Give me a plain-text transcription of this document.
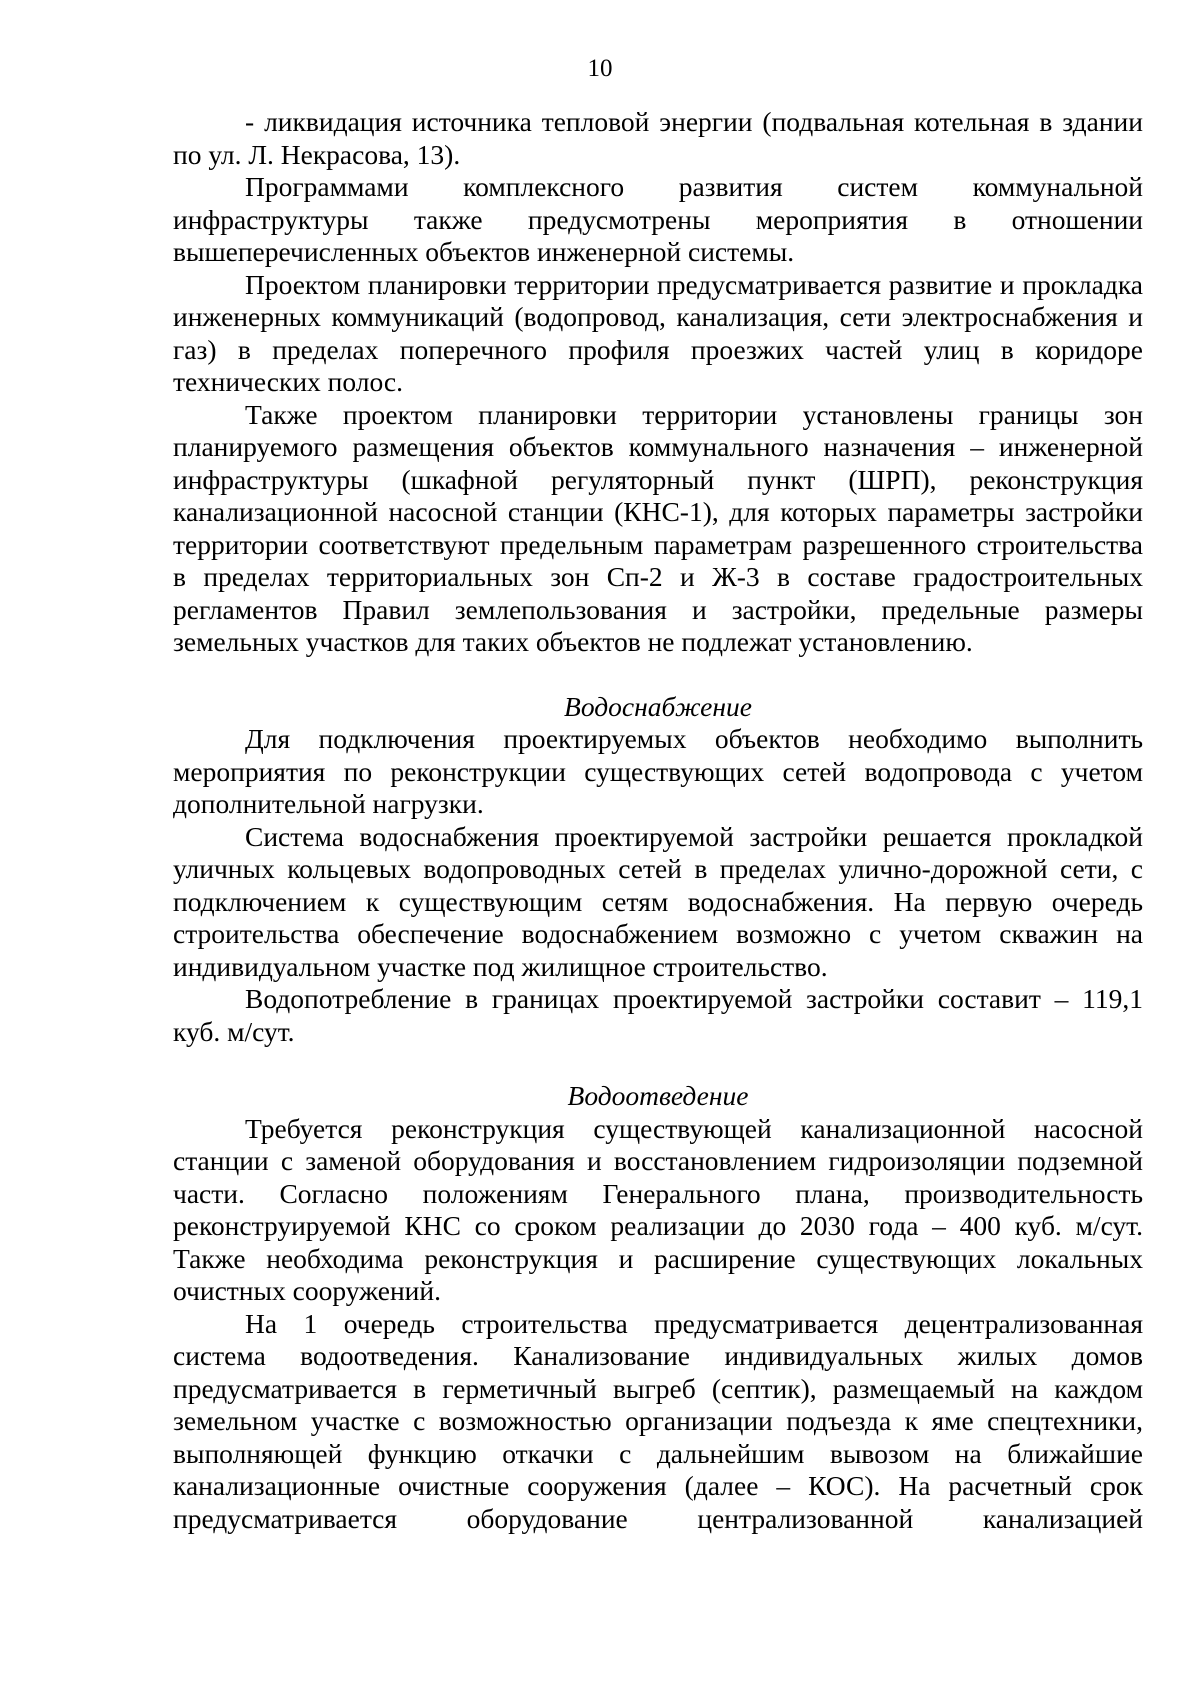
10

- ликвидация источника тепловой энергии (подвальная котельная в здании по ул. Л. Некрасова, 13).

Программами комплексного развития систем коммунальной инфраструктуры также предусмотрены мероприятия в отношении вышеперечисленных объектов инженерной системы.

Проектом планировки территории предусматривается развитие и прокладка инженерных коммуникаций (водопровод, канализация, сети электроснабжения и газ) в пределах поперечного профиля проезжих частей улиц в коридоре технических полос.

Также проектом планировки территории установлены границы зон планируемого размещения объектов коммунального назначения – инженерной инфраструктуры (шкафной регуляторный пункт (ШРП), реконструкция канализационной насосной станции (КНС-1), для которых параметры застройки территории соответствуют предельным параметрам разрешенного строительства в пределах территориальных зон Сп-2 и Ж-3 в составе градостроительных регламентов Правил землепользования и застройки, предельные размеры земельных участков для таких объектов не подлежат установлению.

Водоснабжение

Для подключения проектируемых объектов необходимо выполнить мероприятия по реконструкции существующих сетей водопровода с учетом дополнительной нагрузки.

Система водоснабжения проектируемой застройки решается прокладкой уличных кольцевых водопроводных сетей в пределах улично-дорожной сети, с подключением к существующим сетям водоснабжения. На первую очередь строительства обеспечение водоснабжением возможно с учетом скважин на индивидуальном участке под жилищное строительство.

Водопотребление в границах проектируемой застройки составит – 119,1 куб. м/сут.

Водоотведение

Требуется реконструкция существующей канализационной насосной станции с заменой оборудования и восстановлением гидроизоляции подземной части. Согласно положениям Генерального плана, производительность реконструируемой КНС со сроком реализации до 2030 года – 400 куб. м/сут. Также необходима реконструкция и расширение существующих локальных очистных сооружений.

На 1 очередь строительства предусматривается децентрализованная система водоотведения. Канализование индивидуальных жилых домов предусматривается в герметичный выгреб (септик), размещаемый на каждом земельном участке с возможностью организации подъезда к яме спецтехники, выполняющей функцию откачки с дальнейшим вывозом на ближайшие канализационные очистные сооружения (далее – КОС). На расчетный срок предусматривается оборудование централизованной канализацией
